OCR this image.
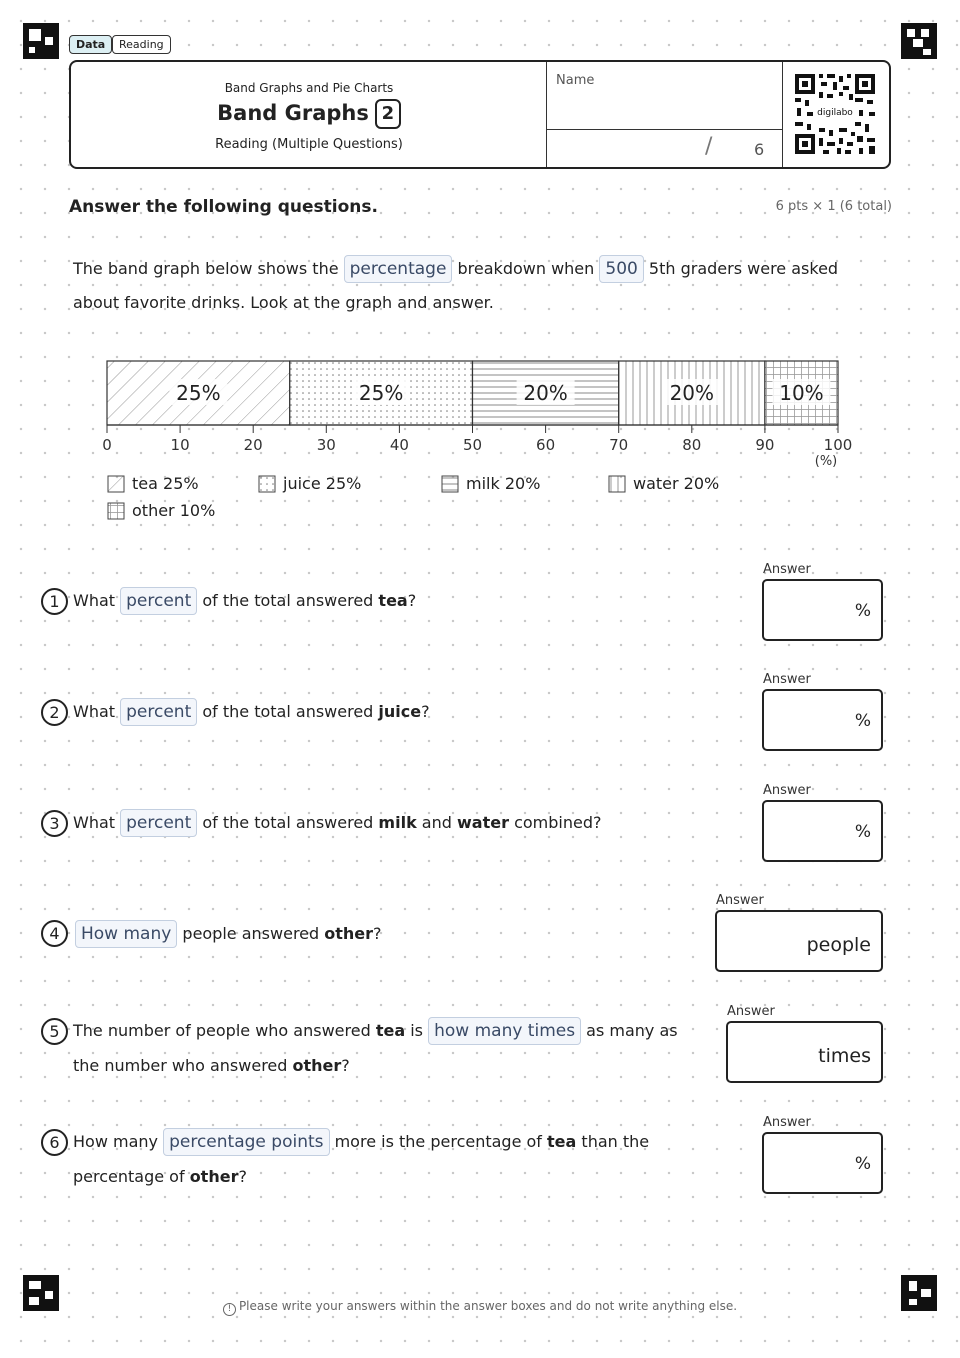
Data	Reading
Band Graphs and Pie Charts
Band Graphs 2
Reading (Multiple Questions)
Name
/	6
digilabo
Answer the following questions.	6 pts × 1 (6 total)
The band graph below shows the percentage breakdown when 500 5th graders were asked about favorite drinks. Look at the graph and answer.
25%	25%	20%	20%	10%
0	10	20	30	40	50	60	70	80	90	100
(%)
tea 25%	juice 25%	milk 20%	water 20%
other 10%
1 What percent of the total answered tea?
Answer
%
2 What percent of the total answered juice?
Answer
%
3 What percent of the total answered milk and water combined?
Answer
%
4	How many people answered other?
Answer
people
5 The number of people who answered tea is how many times as many as the number who answered other?
Answer
times
6 How many percentage points more is the percentage of tea than the percentage of other?
Answer
%
! Please write your answers within the answer boxes and do not write anything else.
